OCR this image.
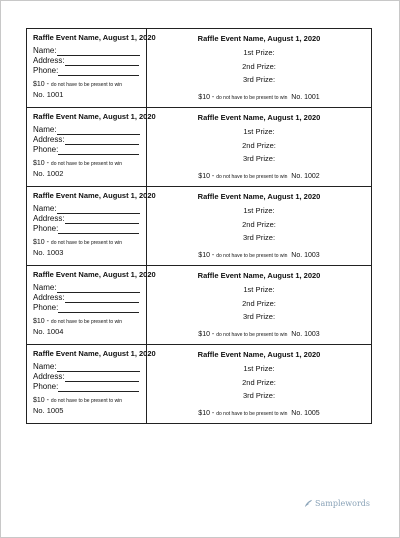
Raffle Event Name, August 1, 2020
Name:
Address:
Phone:
$10 - do not have to be present to win
No. 1001
Raffle Event Name, August 1, 2020
1st Prize:
2nd Prize:
3rd Prize:
$10 - do not have to be present to win No. 1001
Raffle Event Name, August 1, 2020
Name:
Address:
Phone:
$10 - do not have to be present to win
No. 1002
Raffle Event Name, August 1, 2020
1st Prize:
2nd Prize:
3rd Prize:
$10 - do not have to be present to win No. 1002
Raffle Event Name, August 1, 2020
Name:
Address:
Phone:
$10 - do not have to be present to win
No. 1003
Raffle Event Name, August 1, 2020
1st Prize:
2nd Prize:
3rd Prize:
$10 - do not have to be present to win No. 1003
Raffle Event Name, August 1, 2020
Name:
Address:
Phone:
$10 - do not have to be present to win
No. 1004
Raffle Event Name, August 1, 2020
1st Prize:
2nd Prize:
3rd Prize:
$10 - do not have to be present to win No. 1003
Raffle Event Name, August 1, 2020
Name:
Address:
Phone:
$10 - do not have to be present to win
No. 1005
Raffle Event Name, August 1, 2020
1st Prize:
2nd Prize:
3rd Prize:
$10 - do not have to be present to win No. 1005
Samplewords
